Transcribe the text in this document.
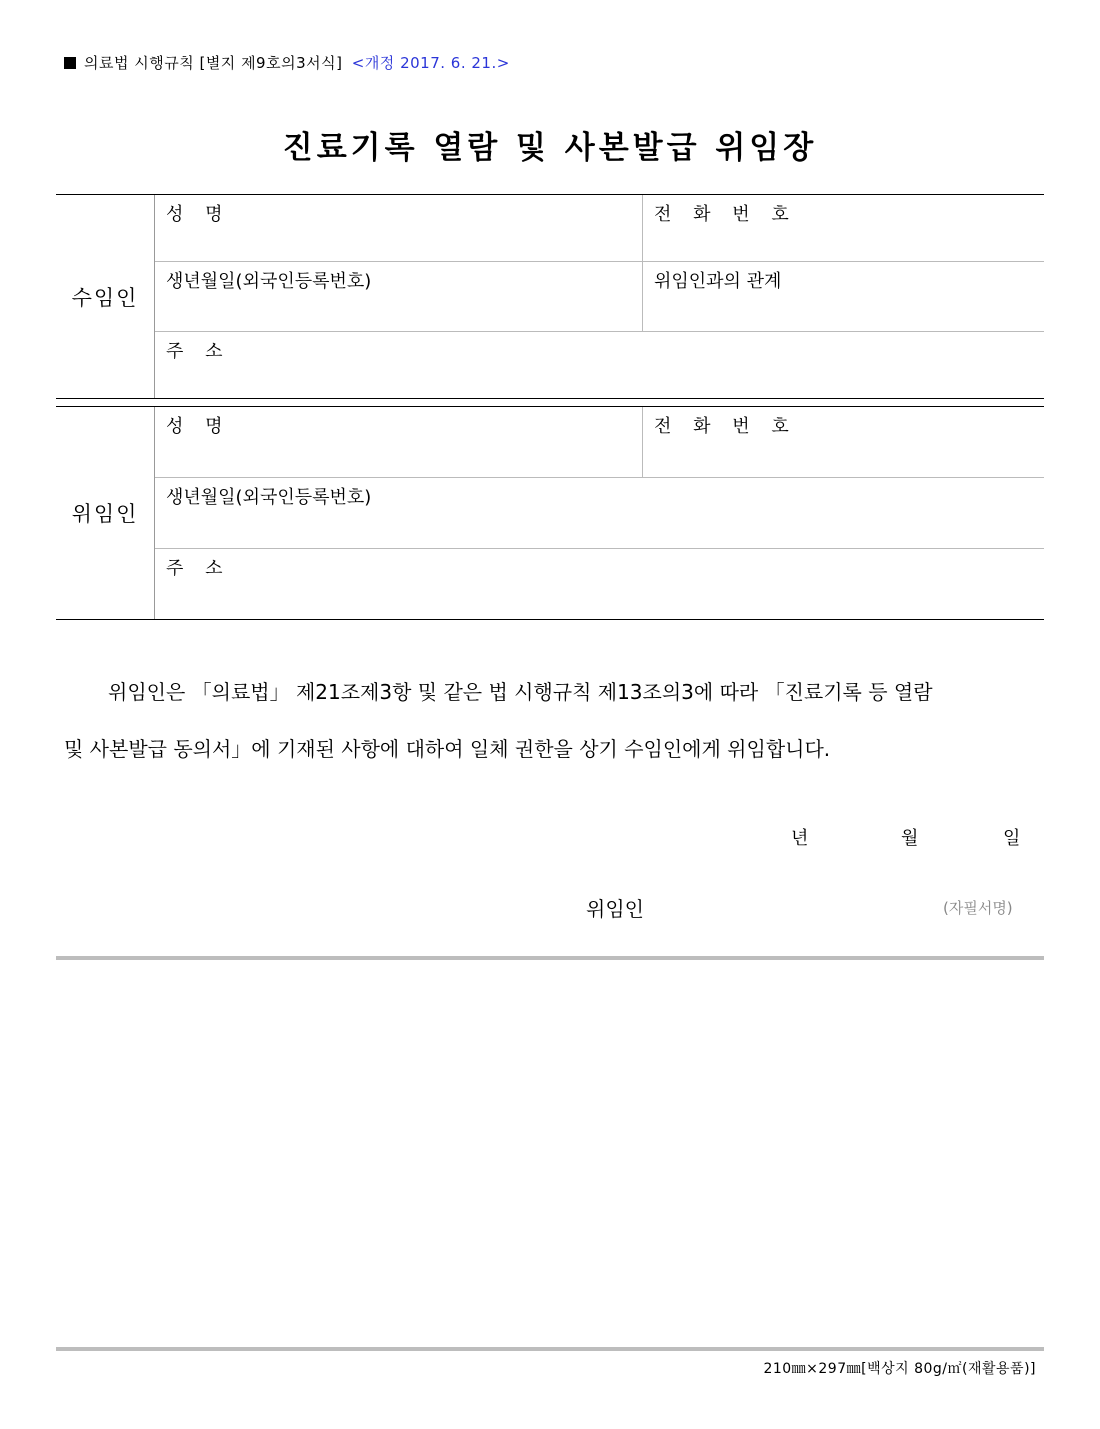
의료법 시행규칙 [별지 제9호의3서식] <개정 2017. 6. 21.>
진료기록 열람 및 사본발급 위임장
수임인
성 명	전 화 번 호
생년월일(외국인등록번호)	위임인과의 관계
주 소
위임인
성 명	전 화 번 호
생년월일(외국인등록번호)
주 소

위임인은 「의료법」 제21조제3항 및 같은 법 시행규칙 제13조의3에 따라 「진료기록 등 열람

및 사본발급 동의서」에 기재된 사항에 대하여 일체 권한을 상기 수임인에게 위임합니다.

년	월	일
위임인	(자필서명)
210㎜×297㎜[백상지 80g/㎡(재활용품)]
